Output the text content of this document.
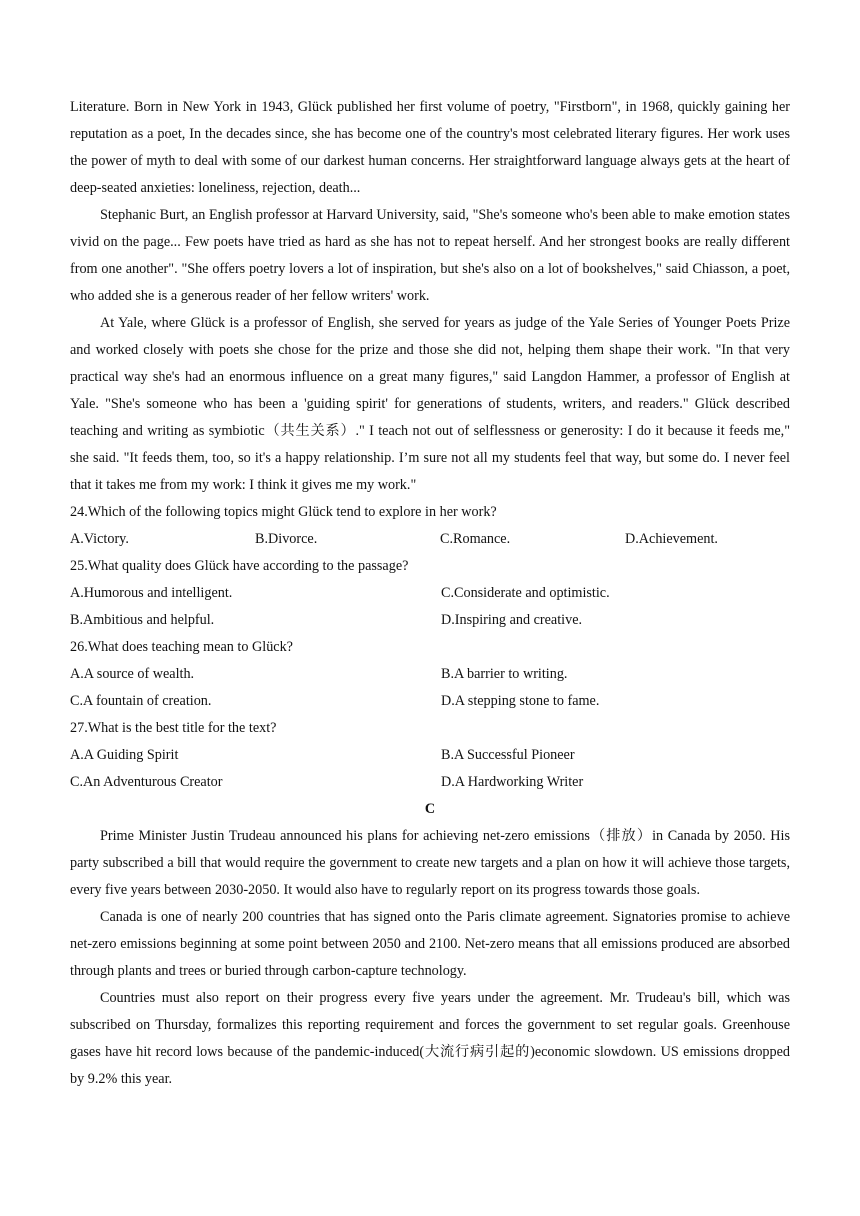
Literature. Born in New York in 1943, Glück published her first volume of poetry, "Firstborn", in 1968, quickly gaining her reputation as a poet, In the decades since, she has become one of the country's most celebrated literary figures. Her work uses the power of myth to deal with some of our darkest human concerns. Her straightforward language always gets at the heart of deep-seated anxieties: loneliness, rejection, death...

Stephanic Burt, an English professor at Harvard University, said, "She's someone who's been able to make emotion states vivid on the page... Few poets have tried as hard as she has not to repeat herself. And her strongest books are really different from one another". "She offers poetry lovers a lot of inspiration, but she's also on a lot of bookshelves," said Chiasson, a poet, who added she is a generous reader of her fellow writers' work.

At Yale, where Glück is a professor of English, she served for years as judge of the Yale Series of Younger Poets Prize and worked closely with poets she chose for the prize and those she did not, helping them shape their work. "In that very practical way she's had an enormous influence on a great many figures," said Langdon Hammer, a professor of English at Yale. "She's someone who has been a 'guiding spirit' for generations of students, writers, and readers." Glück described teaching and writing as symbiotic（共生关系）." I teach not out of selflessness or generosity: I do it because it feeds me," she said. "It feeds them, too, so it's a happy relationship. I’m sure not all my students feel that way, but some do. I never feel that it takes me from my work: I think it gives me my work."

24.Which of the following topics might Glück tend to explore in her work?

A.Victory.	B.Divorce.	C.Romance.	D.Achievement.

25.What quality does Glück have according to the passage?

A.Humorous and intelligent.	C.Considerate and optimistic.
B.Ambitious and helpful.	D.Inspiring and creative.

26.What does teaching mean to Glück?

A.A source of wealth.	B.A barrier to writing.
C.A fountain of creation.	D.A stepping stone to fame.

27.What is the best title for the text?

A.A Guiding Spirit	B.A Successful Pioneer
C.An Adventurous Creator	D.A Hardworking Writer

C

Prime Minister Justin Trudeau announced his plans for achieving net-zero emissions（排放）in Canada by 2050. His party subscribed a bill that would require the government to create new targets and a plan on how it will achieve those targets, every five years between 2030-2050. It would also have to regularly report on its progress towards those goals.

Canada is one of nearly 200 countries that has signed onto the Paris climate agreement. Signatories promise to achieve net-zero emissions beginning at some point between 2050 and 2100. Net-zero means that all emissions produced are absorbed through plants and trees or buried through carbon-capture technology.

Countries must also report on their progress every five years under the agreement. Mr. Trudeau's bill, which was subscribed on Thursday, formalizes this reporting requirement and forces the government to set regular goals. Greenhouse gases have hit record lows because of the pandemic-induced(大流行病引起的)economic slowdown. US emissions dropped by 9.2% this year.
